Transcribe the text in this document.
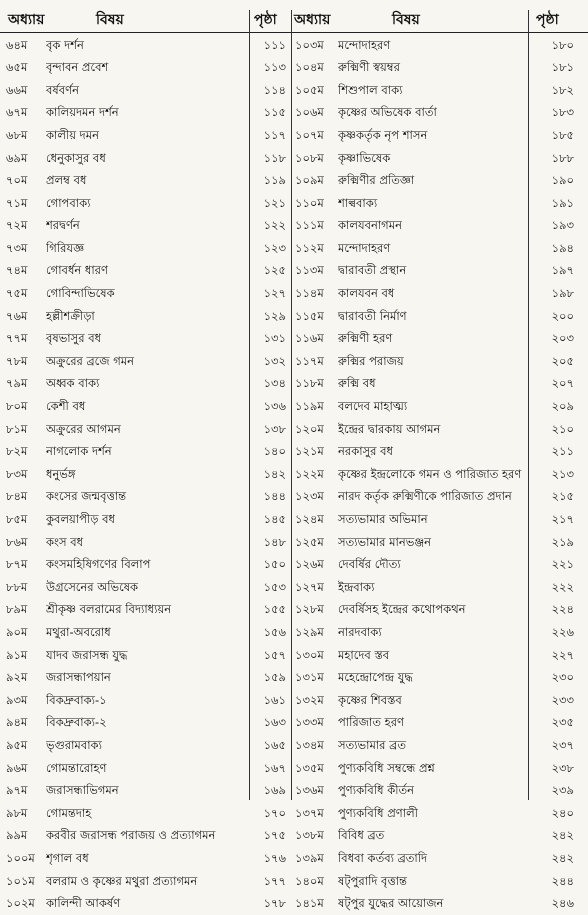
অধ্যায়	বিষয়	পৃষ্ঠা অধ্যায়	বিষয়	পৃষ্ঠা
৬৪ম	বৃক দর্শন	১১১	১০৩ম	মন্দোদাহরণ	১৮০
৬৫ম	বৃন্দাবন প্রবেশ	১১৩	১০৪ম	রুক্মিণী স্বয়ম্বর	১৮১
৬৬ম	বর্ষবর্ণন	১১৪	১০৫ম	শিশুপাল বাক্য	১৮২
৬৭ম	কালিয়দমন দর্শন	১১৫	১০৬ম	কৃষ্ণের অভিষেক বার্তা	১৮৩
৬৮ম	কালীয় দমন	১১৭	১০৭ম	কৃষ্ণকর্তৃক নৃপ শাসন	১৮৫
৬৯ম	ধেনুকাসুর বধ	১১৮	১০৮ম	কৃষ্ণাভিষেক	১৮৮
৭০ম	প্রলম্ব বধ	১১৯	১০৯ম	রুক্মিণীর প্রতিজ্ঞা	১৯০
৭১ম	গোপবাক্য	১২১	১১০ম	শাল্ববাক্য	১৯১
৭২ম	শরদ্বর্ণন	১২২	১১১ম	কালযবনাগমন	১৯৩
৭৩ম	গিরিযজ্ঞ	১২৩	১১২ম	মন্দোদাহরণ	১৯৪
৭৪ম	গোবর্ধন ধারণ	১২৫	১১৩ম	দ্বারাবতী প্রস্থান	১৯৭
৭৫ম	গোবিন্দাভিষেক	১২৭	১১৪ম	কালযবন বধ	১৯৮
৭৬ম	হল্লীশক্রীড়া	১২৯	১১৫ম	দ্বারাবতী নির্মাণ	২০০
৭৭ম	বৃষভাসুর বধ	১৩১	১১৬ম	রুক্মিণী হরণ	২০৩
৭৮ম	অক্রুরের ব্রজে গমন	১৩২	১১৭ম	রুক্মির পরাজয়	২০৫
৭৯ম	অধ্বক বাক্য	১৩৪	১১৮ম	রুক্মি বধ	২০৭
৮০ম	কেশী বধ	১৩৬	১১৯ম	বলদেব মাহাত্ম্য	২০৯
৮১ম	অক্রুরের আগমন	১৩৮	১২০ম	ইন্দ্রের দ্বারকায় আগমন	২১০
৮২ম	নাগলোক দর্শন	১৪০	১২১ম	নরকাসুর বধ	২১১
৮৩ম	ধনুর্ভঙ্গ	১৪২	১২২ম	কৃষ্ণের ইন্দ্রলোকে গমন ও পারিজাত হরণ	২১৩
৮৪ম	কংসের জন্মবৃত্তান্ত	১৪৪	১২৩ম	নারদ কর্তৃক রুক্মিণীকে পারিজাত প্রদান	২১৫
৮৫ম	কুবলয়াপীড় বধ	১৪৫	১২৪ম	সত্যভামার অভিমান	২১৭
৮৬ম	কংস বধ	১৪৮	১২৫ম	সত্যভামার মানভঞ্জন	২১৯
৮৭ম	কংসমহিষিগণের বিলাপ	১৫০	১২৬ম	দেবর্ষির দৌত্য	২২১
৮৮ম	উগ্রসেনের অভিষেক	১৫৩	১২৭ম	ইন্দ্রবাক্য	২২২
৮৯ম	শ্রীকৃষ্ণ বলরামের বিদ্যাধ্যয়ন	১৫৫	১২৮ম	দেবর্ষিসহ ইন্দ্রের কথোপকথন	২২৪
৯০ম	মথুরা-অবরোধ	১৫৬	১২৯ম	নারদবাক্য	২২৬
৯১ম	যাদব জরাসন্ধ যুদ্ধ	১৫৭	১৩০ম	মহাদেব স্তব	২২৭
৯২ম	জরাসন্ধাপয়ান	১৫৯	১৩১ম	মহেন্দ্রোপেন্দ্র যুদ্ধ	২৩০
৯৩ম	বিকদ্রুবাক্য-১	১৬১	১৩২ম	কৃষ্ণের শিবস্তব	২৩৩
৯৪ম	বিকদ্রুবাক্য-২	১৬৩	১৩৩ম	পারিজাত হরণ	২৩৫
৯৫ম	ভৃগুরামবাক্য	১৬৫	১৩৪ম	সত্যভামার ব্রত	২৩৭
৯৬ম	গোমন্তারোহণ	১৬৭	১৩৫ম	পুণ্যকবিধি সম্বন্ধে প্রশ্ন	২৩৮
৯৭ম	জরাসন্ধাভিগমন	১৬৯	১৩৬ম	পুণ্যকবিধি কীর্তন	২৩৯
৯৮ম	গোমন্তদাহ	১৭০	১৩৭ম	পুণ্যকবিধি প্রণালী	২৪০
৯৯ম	করবীর জরাসন্ধ পরাজয় ও প্রত্যাগমন	১৭৫	১৩৮ম	বিবিধ ব্রত	২৪২
১০০ম	শৃগাল বধ	১৭৬	১৩৯ম	বিধবা কর্তব্য ব্রতাদি	২৪২
১০১ম	বলরাম ও কৃষ্ণের মথুরা প্রত্যাগমন	১৭৭	১৪০ম	ষট্পুরাদি বৃত্তান্ত	২৪৪
১০২ম	কালিন্দী আকর্ষণ	১৭৮	১৪১ম	ষট্পুর যুদ্ধের আয়োজন	২৪৬
